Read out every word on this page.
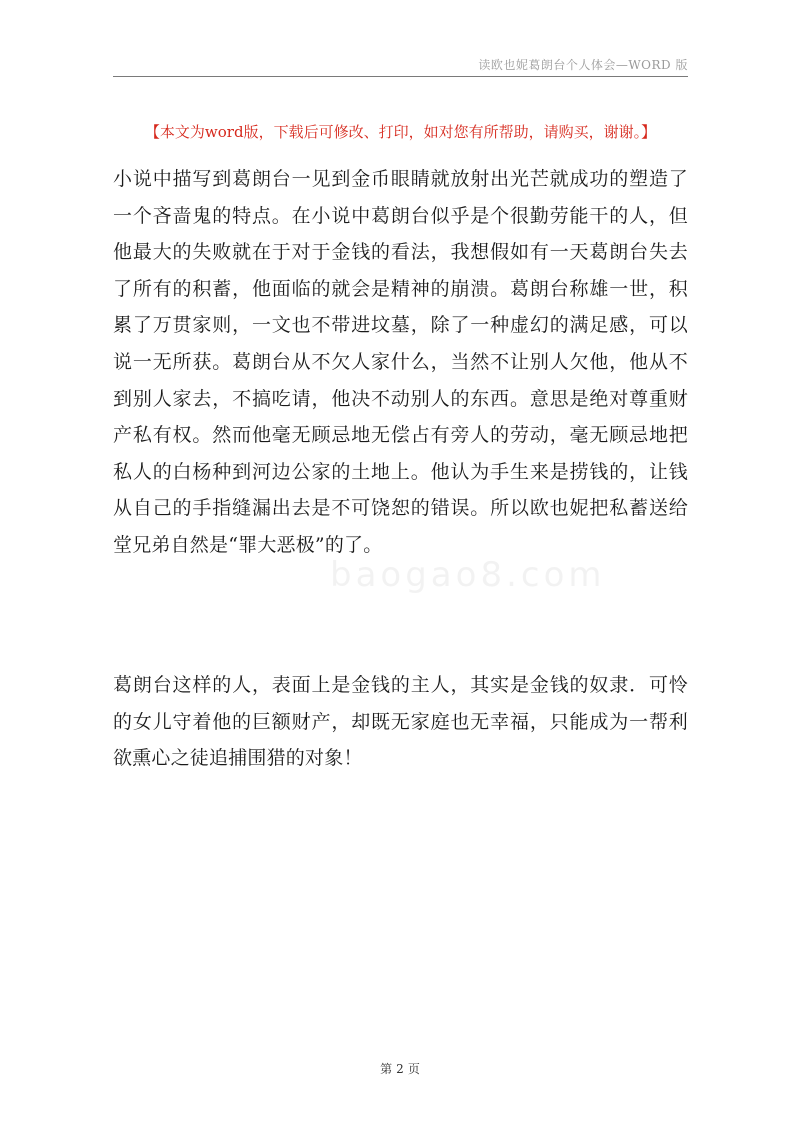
读欧也妮葛朗台个人体会—WORD 版
【本文为word版，下载后可修改、打印，如对您有所帮助，请购买，谢谢。】

小说中描写到葛朗台一见到金币眼睛就放射出光芒就成功的塑造了一个吝啬鬼的特点。在小说中葛朗台似乎是个很勤劳能干的人，但他最大的失败就在于对于金钱的看法，我想假如有一天葛朗台失去了所有的积蓄，他面临的就会是精神的崩溃。葛朗台称雄一世，积累了万贯家则，一文也不带进坟墓，除了一种虚幻的满足感，可以说一无所获。葛朗台从不欠人家什么，当然不让别人欠他，他从不到别人家去，不搞吃请，他决不动别人的东西。意思是绝对尊重财产私有权。然而他毫无顾忌地无偿占有旁人的劳动，毫无顾忌地把私人的白杨种到河边公家的土地上。他认为手生来是捞钱的，让钱从自己的手指缝漏出去是不可饶恕的错误。所以欧也妮把私蓄送给堂兄弟自然是“罪大恶极”的了。

baogao8.com

葛朗台这样的人，表面上是金钱的主人，其实是金钱的奴隶．可怜的女儿守着他的巨额财产，却既无家庭也无幸福，只能成为一帮利欲熏心之徒追捕围猎的对象！

第 2 页
